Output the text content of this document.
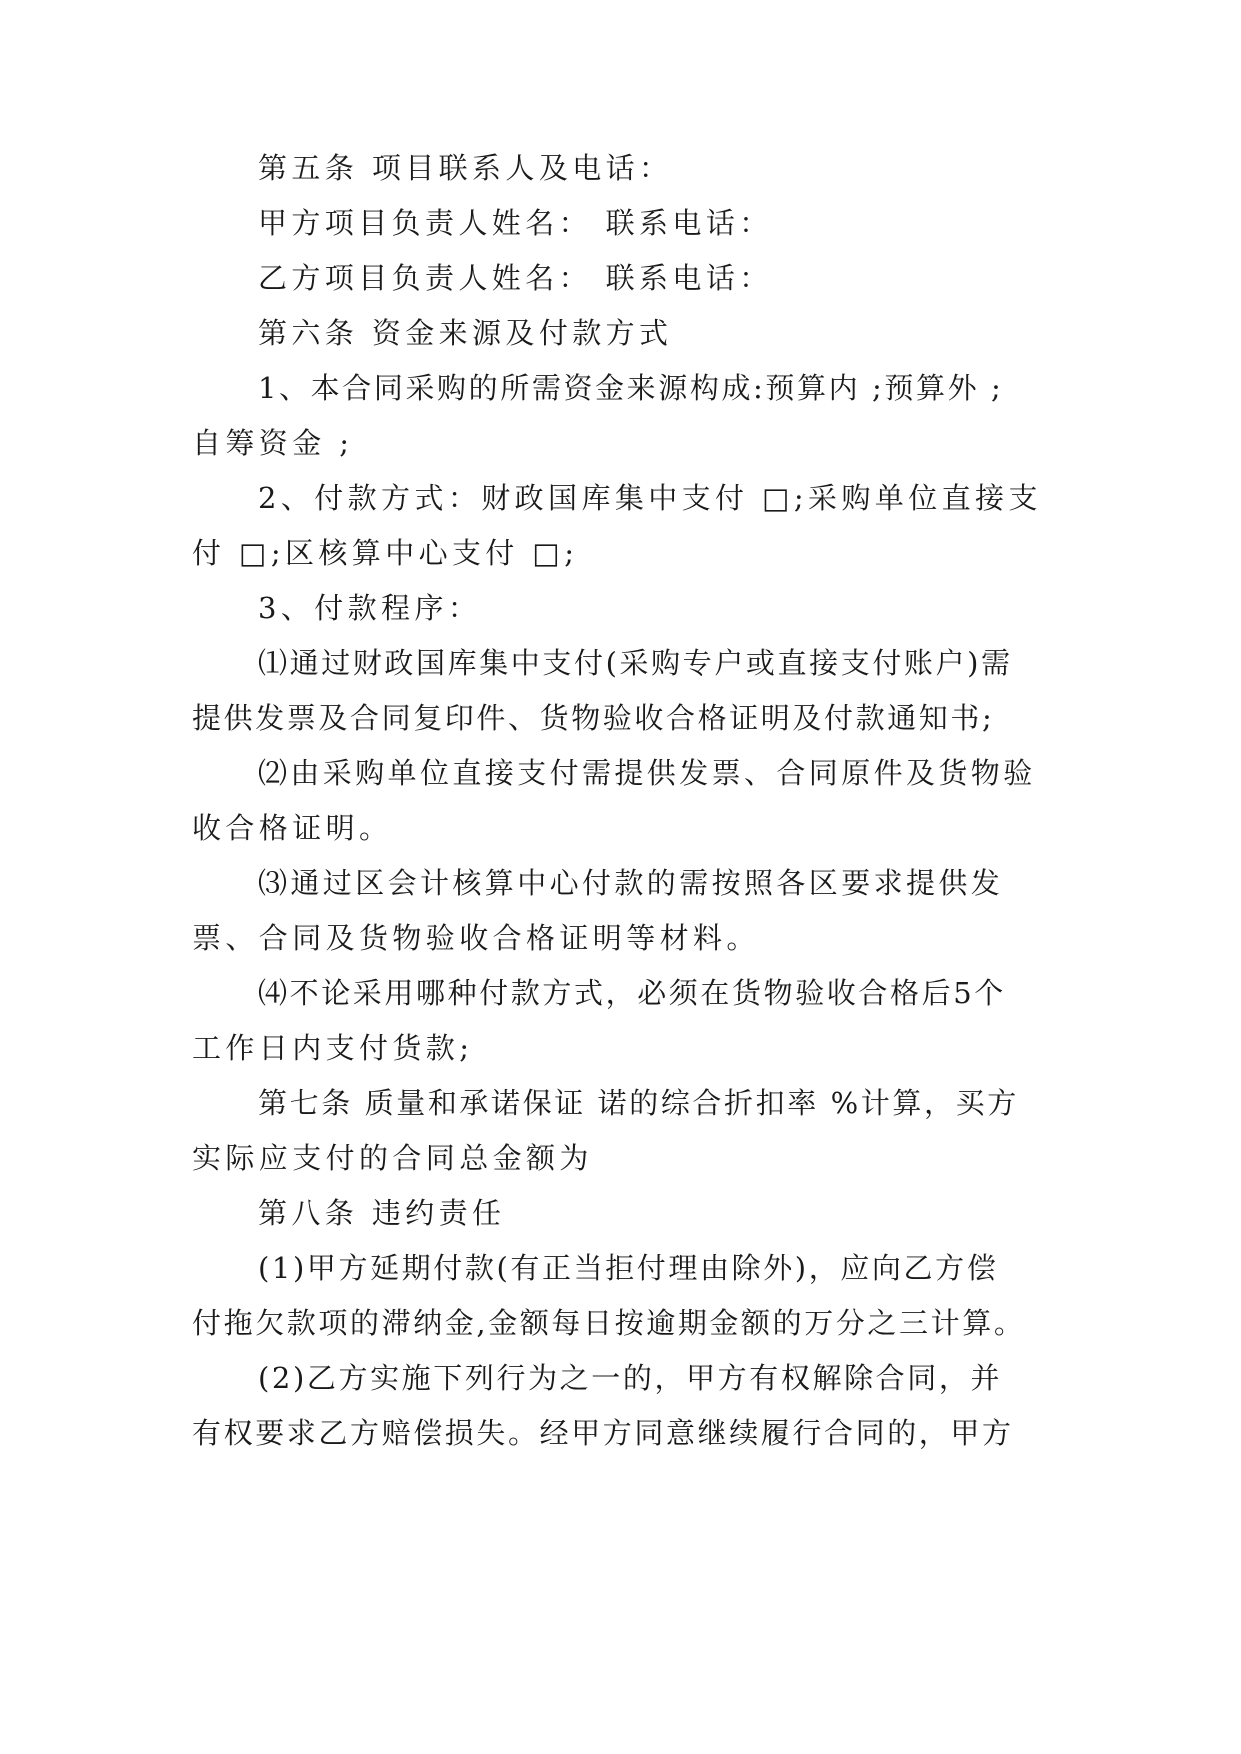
第五条 项目联系人及电话：
甲方项目负责人姓名： 联系电话：
乙方项目负责人姓名： 联系电话：
第六条 资金来源及付款方式
1、本合同采购的所需资金来源构成:预算内 ;预算外 ;
自筹资金 ;
2、付款方式：财政国库集中支付 □;采购单位直接支
付 □;区核算中心支付 □;
3、付款程序：
⑴通过财政国库集中支付(采购专户或直接支付账户)需
提供发票及合同复印件、货物验收合格证明及付款通知书;
⑵由采购单位直接支付需提供发票、合同原件及货物验
收合格证明。
⑶通过区会计核算中心付款的需按照各区要求提供发
票、合同及货物验收合格证明等材料。
⑷不论采用哪种付款方式，必须在货物验收合格后5个
工作日内支付货款;
第七条 质量和承诺保证 诺的综合折扣率 %计算，买方
实际应支付的合同总金额为
第八条 违约责任
(1)甲方延期付款(有正当拒付理由除外)，应向乙方偿
付拖欠款项的滞纳金,金额每日按逾期金额的万分之三计算。
(2)乙方实施下列行为之一的，甲方有权解除合同，并
有权要求乙方赔偿损失。经甲方同意继续履行合同的，甲方
